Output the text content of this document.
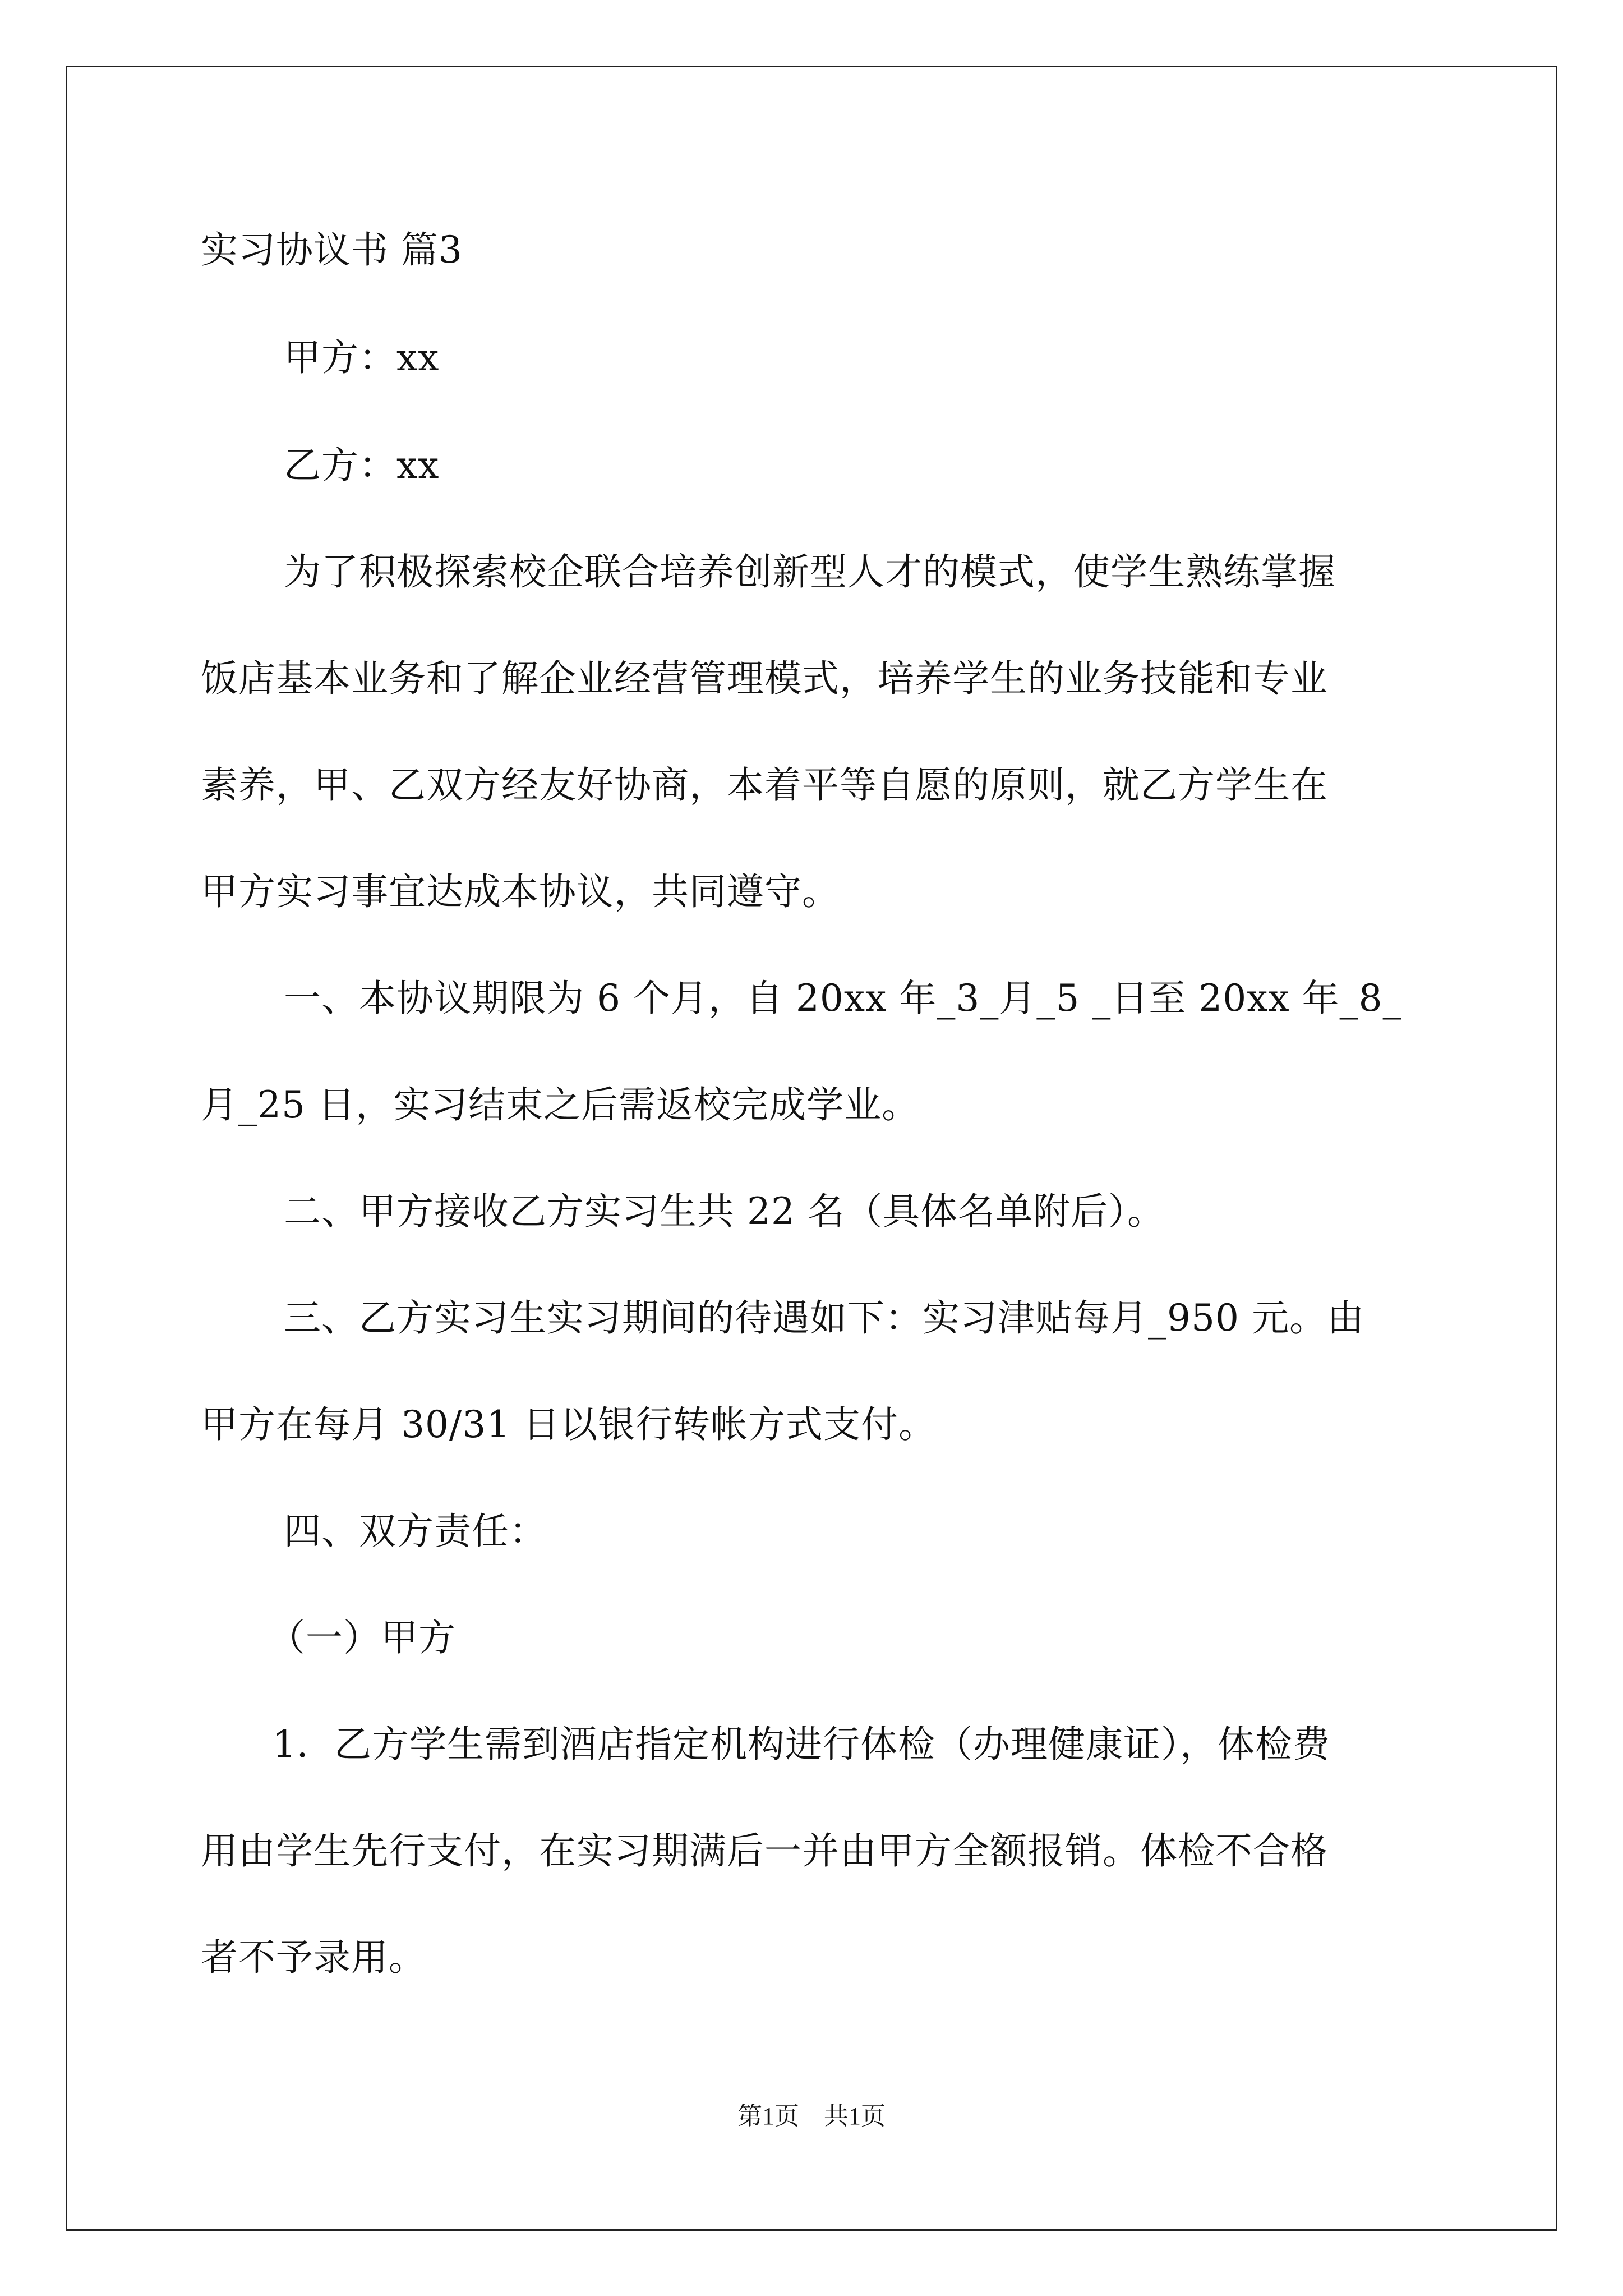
实习协议书 篇3
甲方：xx
乙方：xx
为了积极探索校企联合培养创新型人才的模式，使学生熟练掌握
饭店基本业务和了解企业经营管理模式，培养学生的业务技能和专业
素养，甲、乙双方经友好协商，本着平等自愿的原则，就乙方学生在
甲方实习事宜达成本协议，共同遵守。
一、本协议期限为 6 个月，自 20xx 年_3_月_5 _日至 20xx 年_8_
月_25 日，实习结束之后需返校完成学业。
二、甲方接收乙方实习生共 22 名（具体名单附后）。
三、乙方实习生实习期间的待遇如下：实习津贴每月_950 元。由
甲方在每月 30/31 日以银行转帐方式支付。
四、双方责任：
（一）甲方
1．乙方学生需到酒店指定机构进行体检（办理健康证），体检费
用由学生先行支付，在实习期满后一并由甲方全额报销。体检不合格
者不予录用。
第1页　共1页
